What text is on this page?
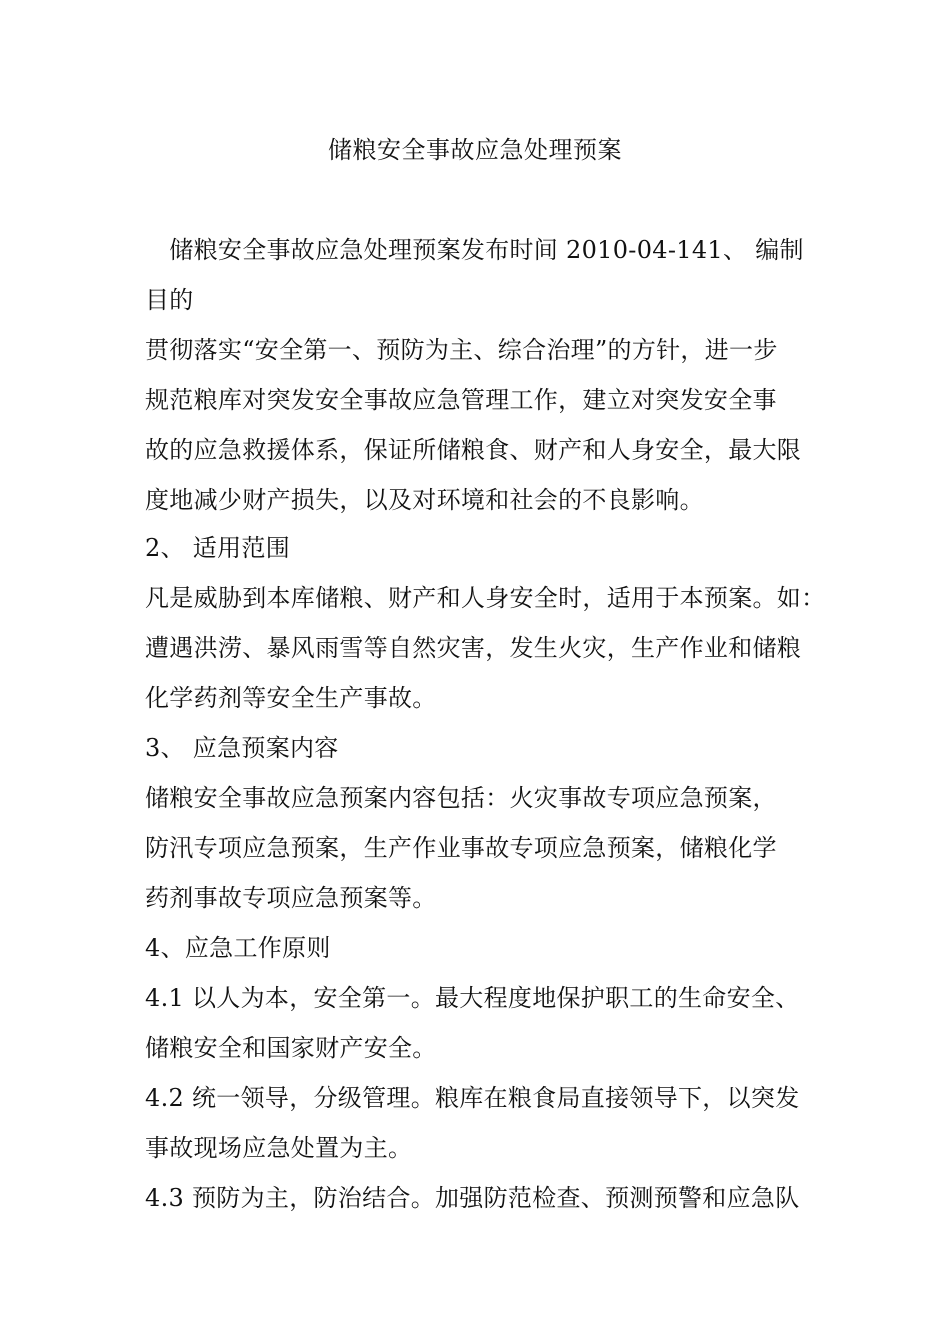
储粮安全事故应急处理预案
　储粮安全事故应急处理预案发布时间 2010-04-141、 编制
目的
贯彻落实“安全第一、预防为主、综合治理”的方针，进一步
规范粮库对突发安全事故应急管理工作，建立对突发安全事
故的应急救援体系，保证所储粮食、财产和人身安全，最大限
度地减少财产损失，以及对环境和社会的不良影响。
2、 适用范围
凡是威胁到本库储粮、财产和人身安全时，适用于本预案。如：
遭遇洪涝、暴风雨雪等自然灾害，发生火灾，生产作业和储粮
化学药剂等安全生产事故。
3、 应急预案内容
储粮安全事故应急预案内容包括：火灾事故专项应急预案，
防汛专项应急预案，生产作业事故专项应急预案，储粮化学
药剂事故专项应急预案等。
4、应急工作原则
4.1 以人为本，安全第一。最大程度地保护职工的生命安全、
储粮安全和国家财产安全。
4.2 统一领导，分级管理。粮库在粮食局直接领导下，以突发
事故现场应急处置为主。
4.3 预防为主，防治结合。加强防范检查、预测预警和应急队
